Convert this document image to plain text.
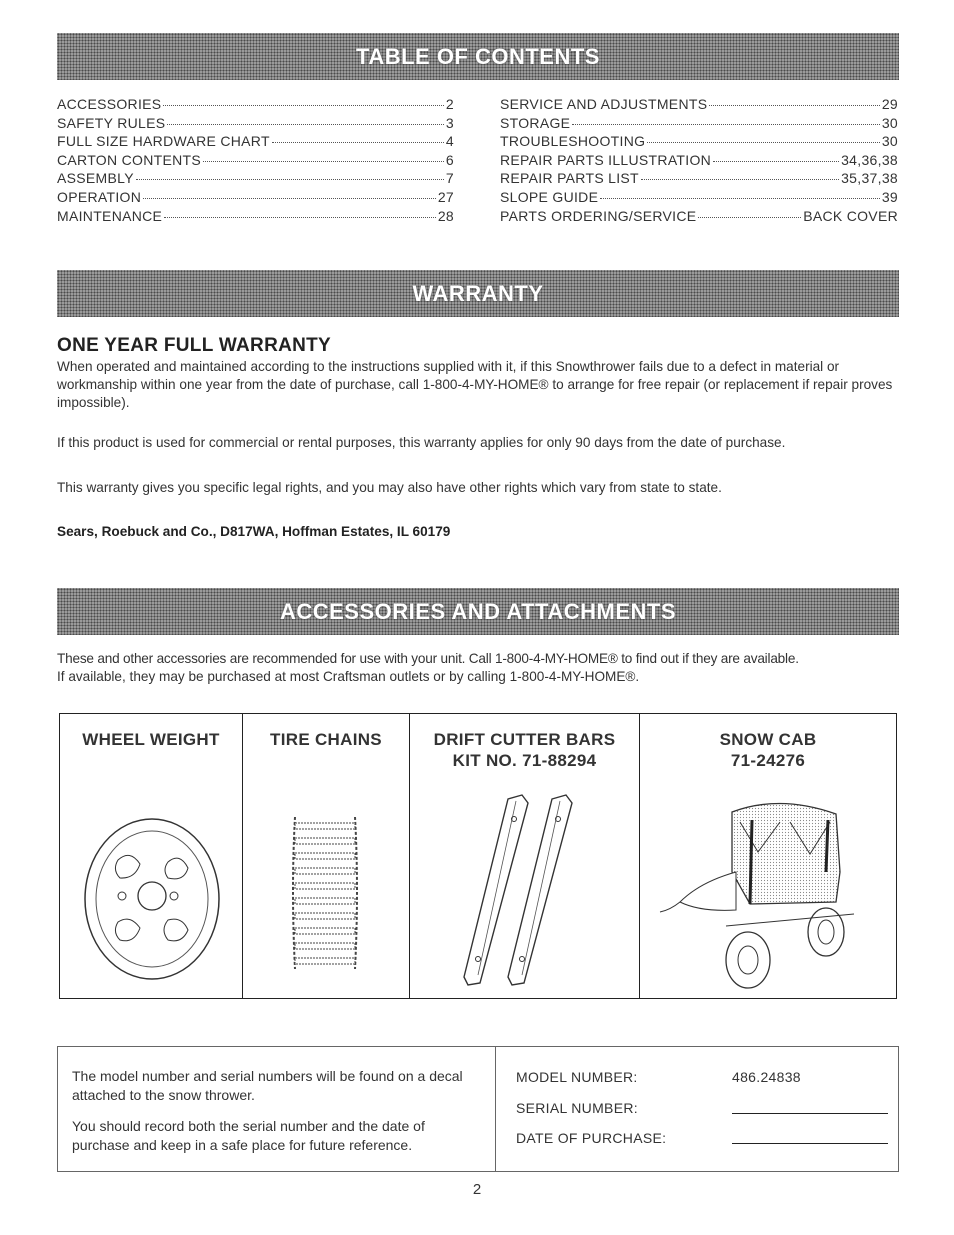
TABLE OF CONTENTS
ACCESSORIES	2
SAFETY RULES	3
FULL SIZE HARDWARE CHART	4
CARTON CONTENTS	6
ASSEMBLY	7
OPERATION	27
MAINTENANCE	28
SERVICE AND ADJUSTMENTS	29
STORAGE	30
TROUBLESHOOTING	30
REPAIR PARTS ILLUSTRATION	34,36,38
REPAIR PARTS LIST	35,37,38
SLOPE GUIDE	39
PARTS ORDERING/SERVICE	BACK COVER
WARRANTY
ONE YEAR FULL WARRANTY
When operated and maintained according to the instructions supplied with it, if this Snowthrower fails due to a defect in material or workmanship within one year from the date of purchase, call 1-800-4-MY-HOME® to arrange for free repair (or replacement if repair proves impossible).
If this product is used for commercial or rental purposes, this warranty applies for only 90 days from the date of purchase.
This warranty gives you specific legal rights, and you may also have other rights which vary from state to state.
Sears, Roebuck and Co., D817WA, Hoffman Estates, IL 60179
ACCESSORIES AND ATTACHMENTS
These and other accessories are recommended for use with your unit. Call 1-800-4-MY-HOME® to find out if they are available.
If available, they may be purchased at most Craftsman outlets or by calling 1-800-4-MY-HOME®.
WHEEL WEIGHT	TIRE CHAINS	DRIFT CUTTER BARS
KIT NO. 71-88294
SNOW CAB
71-24276

The model number and serial numbers will be found on a decal attached to the snow thrower.

You should record both the serial number and the date of purchase and keep in a safe place for future reference.

MODEL NUMBER:	486.24838
SERIAL NUMBER:
DATE OF PURCHASE:
2
